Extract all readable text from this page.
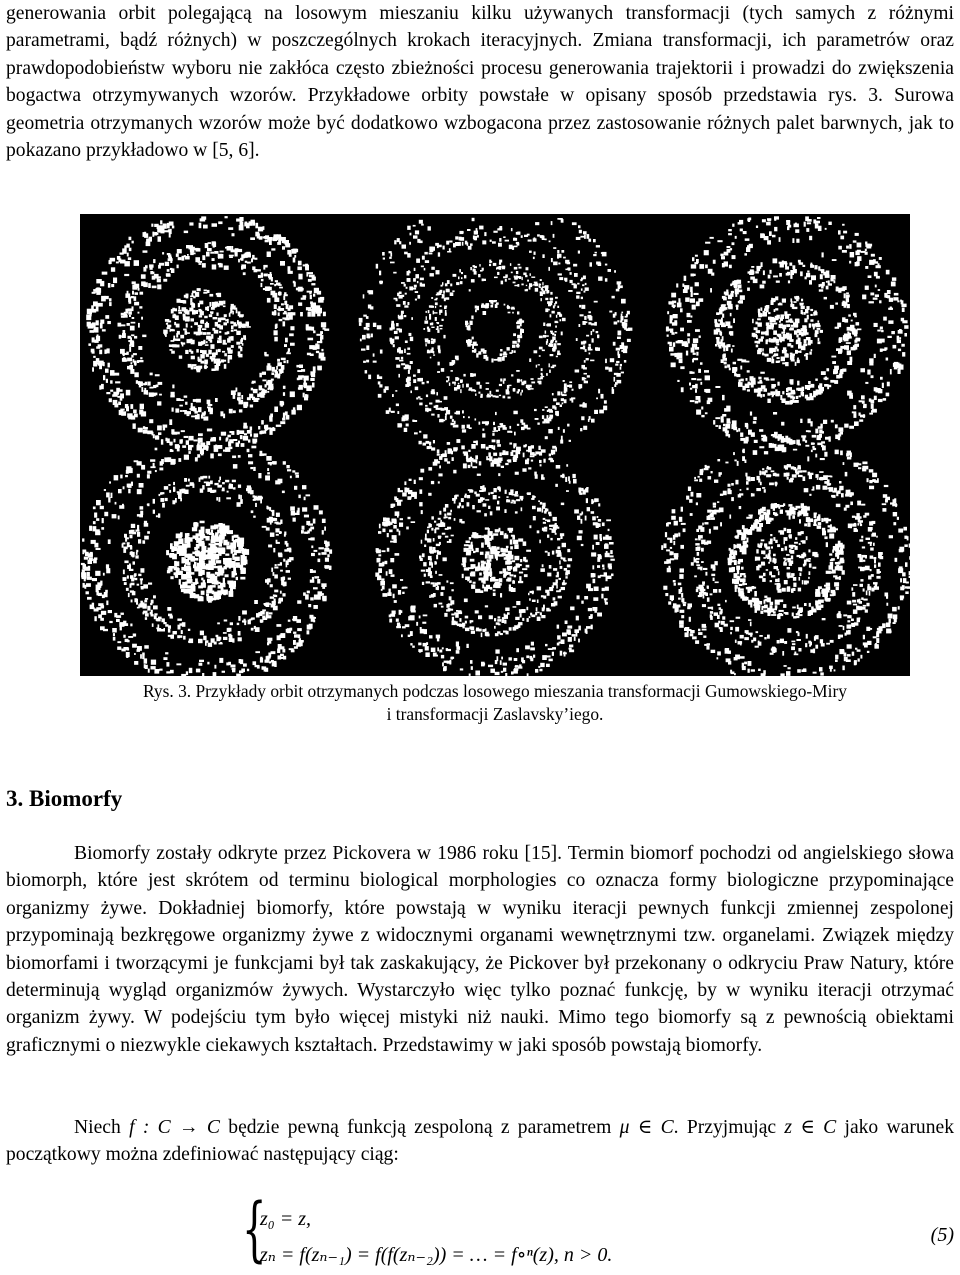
generowania orbit polegającą na losowym mieszaniu kilku używanych transformacji (tych samych z różnymi parametrami, bądź różnych) w poszczególnych krokach iteracyjnych. Zmiana transformacji, ich parametrów oraz prawdopodobieństw wyboru nie zakłóca często zbieżności procesu generowania trajektorii i prowadzi do zwiększenia bogactwa otrzymywanych wzorów. Przykładowe orbity powstałe w opisany sposób przedstawia rys. 3. Surowa geometria otrzymanych wzorów może być dodatkowo wzbogacona przez zastosowanie różnych palet barwnych, jak to pokazano przykładowo w [5, 6].

Rys. 3. Przykłady orbit otrzymanych podczas losowego mieszania transformacji Gumowskiego-Miry

i transformacji Zaslavsky’iego.

3. Biomorfy

Biomorfy zostały odkryte przez Pickovera w 1986 roku [15]. Termin biomorf pochodzi od angielskiego słowa biomorph, które jest skrótem od terminu biological morphologies co oznacza formy biologiczne przypominające organizmy żywe. Dokładniej biomorfy, które powstają w wyniku iteracji pewnych funkcji zmiennej zespolonej przypominają bezkręgowe organizmy żywe z widocznymi organami wewnętrznymi tzw. organelami. Związek między biomorfami i tworzącymi je funkcjami był tak zaskakujący, że Pickover był przekonany o odkryciu Praw Natury, które determinują wygląd organizmów żywych. Wystarczyło więc tylko poznać funkcję, by w wyniku iteracji otrzymać organizm żywy. W podejściu tym było więcej mistyki niż nauki. Mimo tego biomorfy są z pewnością obiektami graficznymi o niezwykle ciekawych kształtach. Przedstawimy w jaki sposób powstają biomorfy.

Niech f : C → C będzie pewną funkcją zespoloną z parametrem μ ∈ C. Przyjmując z ∈ C jako warunek początkowy można zdefiniować następujący ciąg:

{
z₀ = z,
zₙ = f(zₙ₋₁) = f(f(zₙ₋₂)) = … = f∘ⁿ(z), n > 0.
(5)
